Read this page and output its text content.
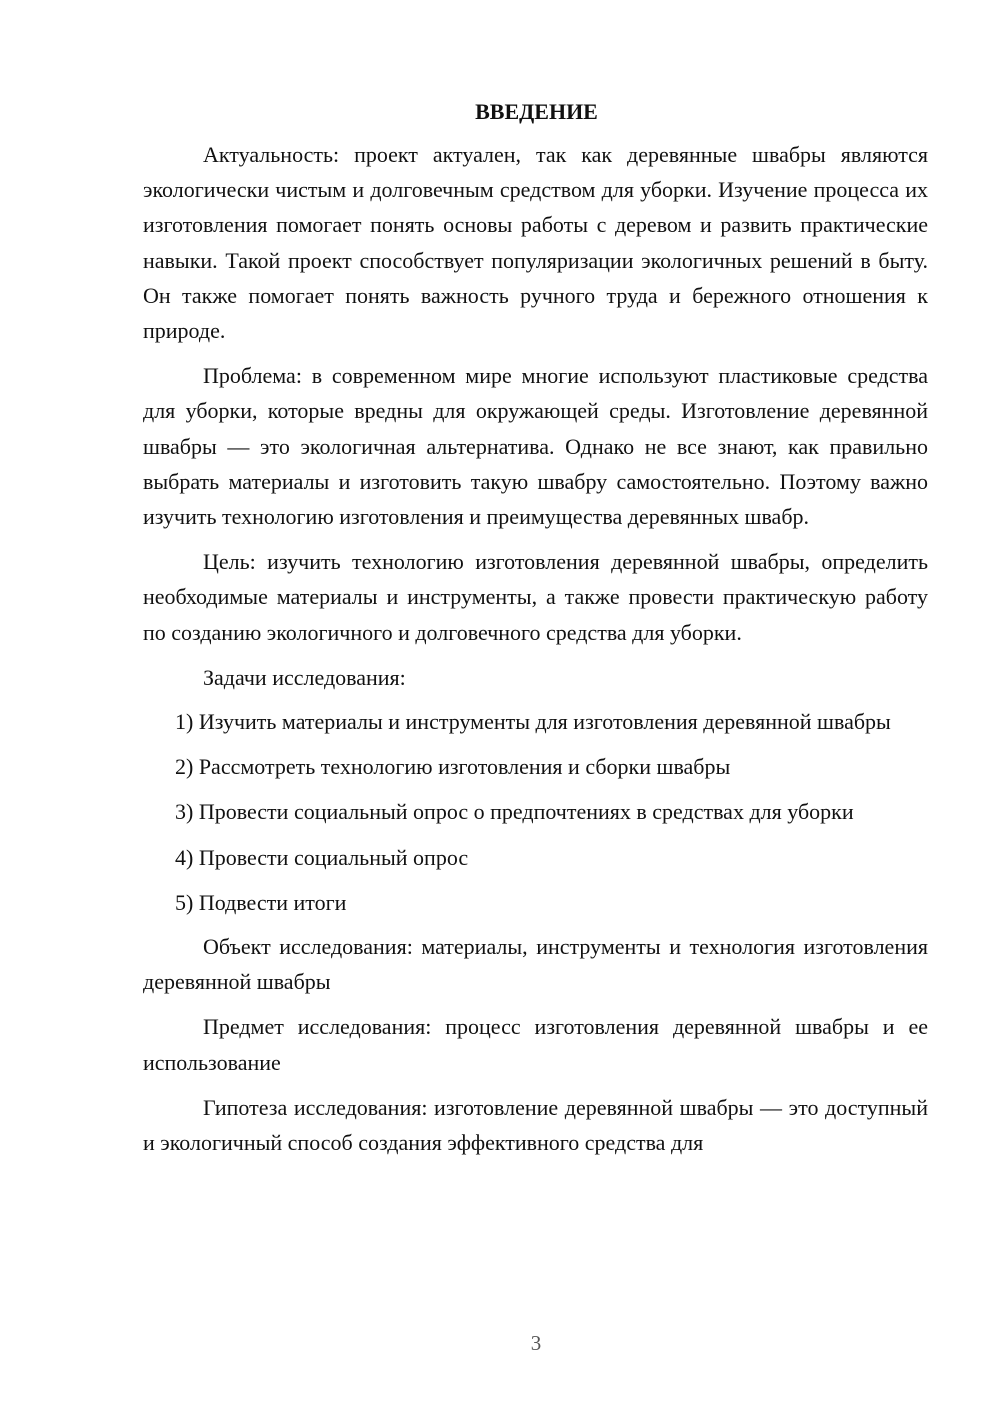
ВВЕДЕНИЕ

Актуальность: проект актуален, так как деревянные швабры являются экологически чистым и долговечным средством для уборки. Изучение процесса их изготовления помогает понять основы работы с деревом и развить практические навыки. Такой проект способствует популяризации экологичных решений в быту. Он также помогает понять важность ручного труда и бережного отношения к природе.

Проблема: в современном мире многие используют пластиковые средства для уборки, которые вредны для окружающей среды. Изготовление деревянной швабры — это экологичная альтернатива. Однако не все знают, как правильно выбрать материалы и изготовить такую швабру самостоятельно. Поэтому важно изучить технологию изготовления и преимущества деревянных швабр.

Цель: изучить технологию изготовления деревянной швабры, определить необходимые материалы и инструменты, а также провести практическую работу по созданию экологичного и долговечного средства для уборки.

Задачи исследования:

1) Изучить материалы и инструменты для изготовления деревянной швабры

2) Рассмотреть технологию изготовления и сборки швабры

3) Провести социальный опрос о предпочтениях в средствах для уборки

4) Провести социальный опрос

5) Подвести итоги

Объект исследования: материалы, инструменты и технология изготовления деревянной швабры

Предмет исследования: процесс изготовления деревянной швабры и ее использование

Гипотеза исследования: изготовление деревянной швабры — это доступный и экологичный способ создания эффективного средства для

3
